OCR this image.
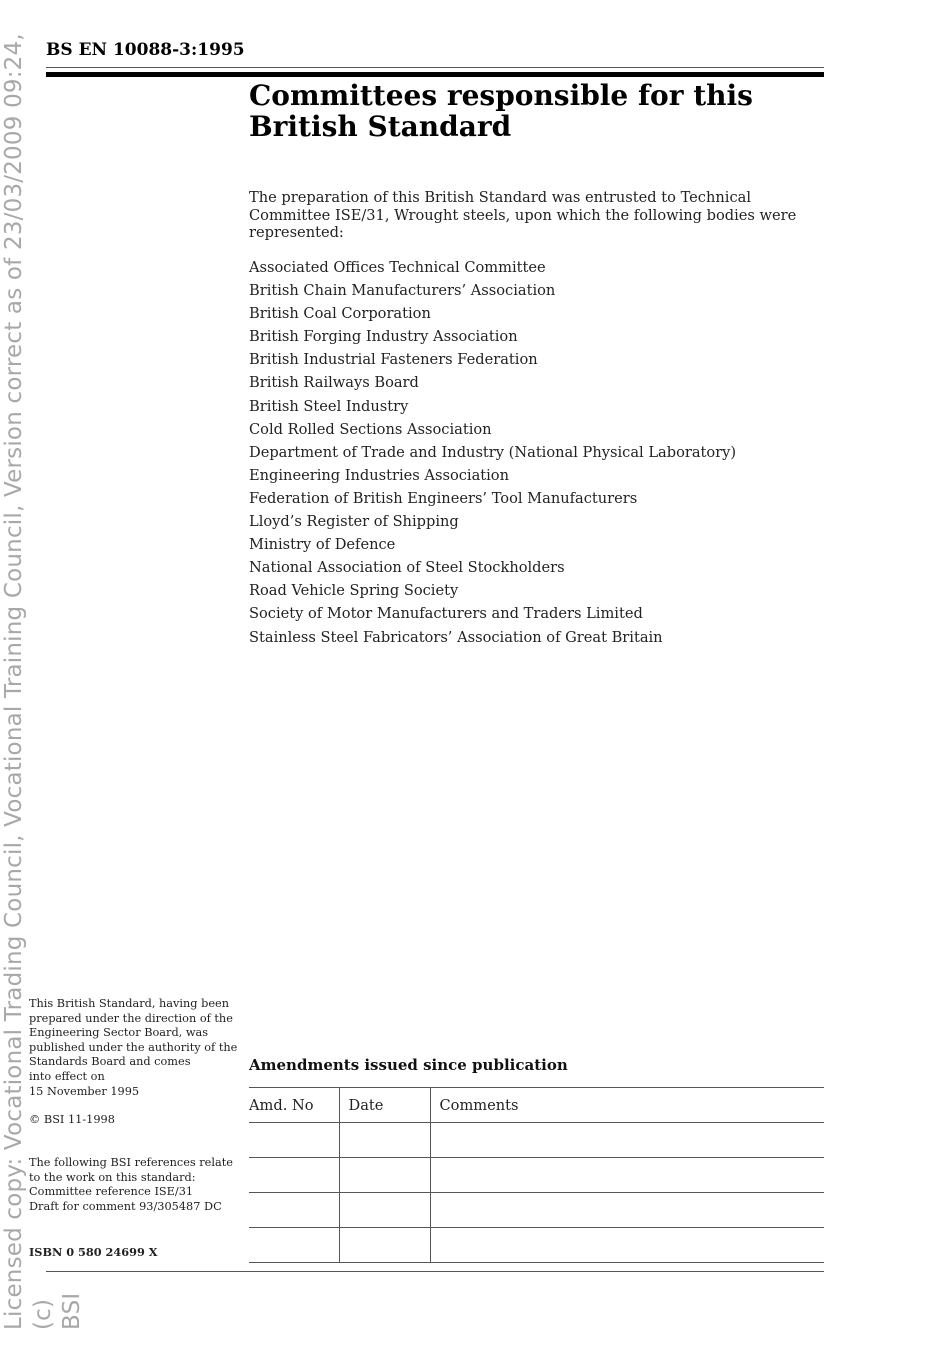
Licensed copy: Vocational Trading Council, Vocational Training Council, Version correct as of 23/03/2009 09:24, (c) BSI
BS EN 10088-3:1995
Committees responsible for this
British Standard
The preparation of this British Standard was entrusted to Technical Committee ISE/31, Wrought steels, upon which the following bodies were represented:
Associated Offices Technical Committee
British Chain Manufacturers’ Association
British Coal Corporation
British Forging Industry Association
British Industrial Fasteners Federation
British Railways Board
British Steel Industry
Cold Rolled Sections Association
Department of Trade and Industry (National Physical Laboratory)
Engineering Industries Association
Federation of British Engineers’ Tool Manufacturers
Lloyd’s Register of Shipping
Ministry of Defence
National Association of Steel Stockholders
Road Vehicle Spring Society
Society of Motor Manufacturers and Traders Limited
Stainless Steel Fabricators’ Association of Great Britain
This British Standard, having been
prepared under the direction of the
Engineering Sector Board, was
published under the authority of the
Standards Board and comes
into effect on
15 November 1995
© BSI 11-1998
The following BSI references relate
to the work on this standard:
Committee reference ISE/31
Draft for comment 93/305487 DC
ISBN 0 580 24699 X
Amendments issued since publication
Amd. No	Date	Comments
